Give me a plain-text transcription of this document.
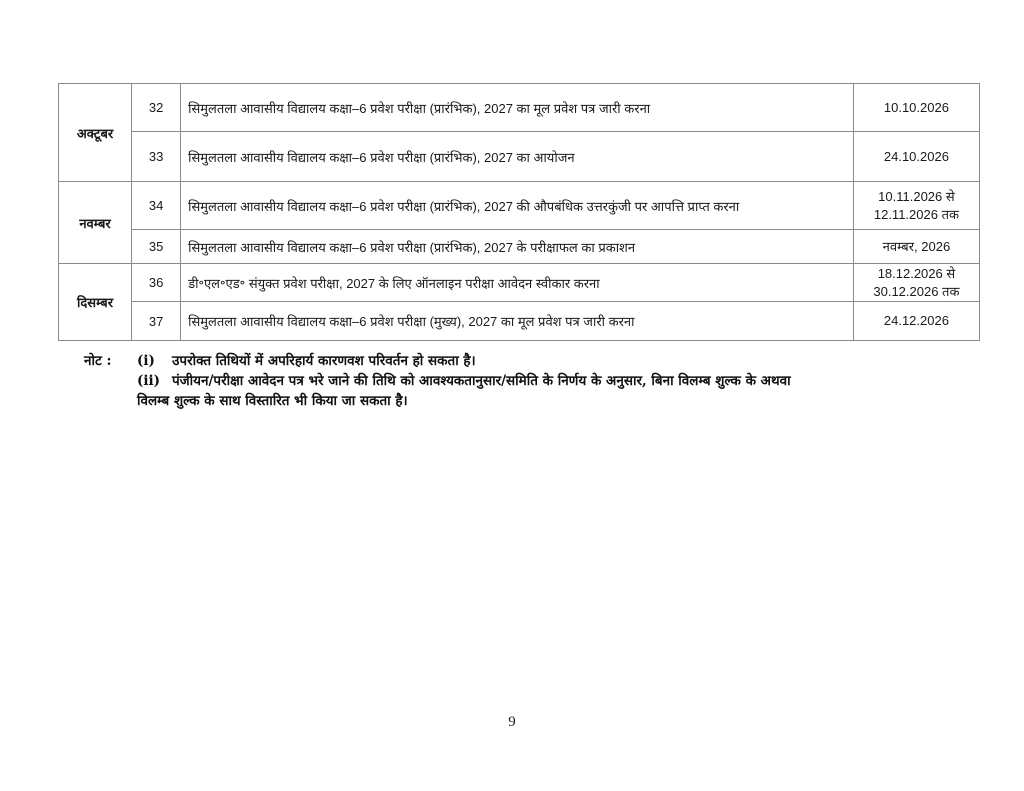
अक्टूबर	32	सिमुलतला आवासीय विद्यालय कक्षा–6 प्रवेश परीक्षा (प्रारंभिक), 2027 का मूल प्रवेश पत्र जारी करना	10.10.2026
	33	सिमुलतला आवासीय विद्यालय कक्षा–6 प्रवेश परीक्षा (प्रारंभिक), 2027 का आयोजन	24.10.2026
नवम्बर	34	सिमुलतला आवासीय विद्यालय कक्षा–6 प्रवेश परीक्षा (प्रारंभिक), 2027 की औपबंधिक उत्तरकुंजी पर आपत्ति प्राप्त करना	10.11.2026 से
12.11.2026 तक

	35	सिमुलतला आवासीय विद्यालय कक्षा–6 प्रवेश परीक्षा (प्रारंभिक), 2027 के परीक्षाफल का प्रकाशन	नवम्बर, 2026
दिसम्बर	36	डी॰एल॰एड॰ संयुक्त प्रवेश परीक्षा, 2027 के लिए ऑनलाइन परीक्षा आवेदन स्वीकार करना	18.12.2026 से
30.12.2026 तक

	37	सिमुलतला आवासीय विद्यालय कक्षा–6 प्रवेश परीक्षा (मुख्य), 2027 का मूल प्रवेश पत्र जारी करना	24.12.2026
नोट :	(i)	उपरोक्त तिथियों में अपरिहार्य कारणवश परिवर्तन हो सकता है।
(ii) पंजीयन/परीक्षा आवेदन पत्र भरे जाने की तिथि को आवश्यकतानुसार/समिति के निर्णय के अनुसार, बिना विलम्ब शुल्क के अथवा
विलम्ब शुल्क के साथ विस्तारित भी किया जा सकता है।
9
